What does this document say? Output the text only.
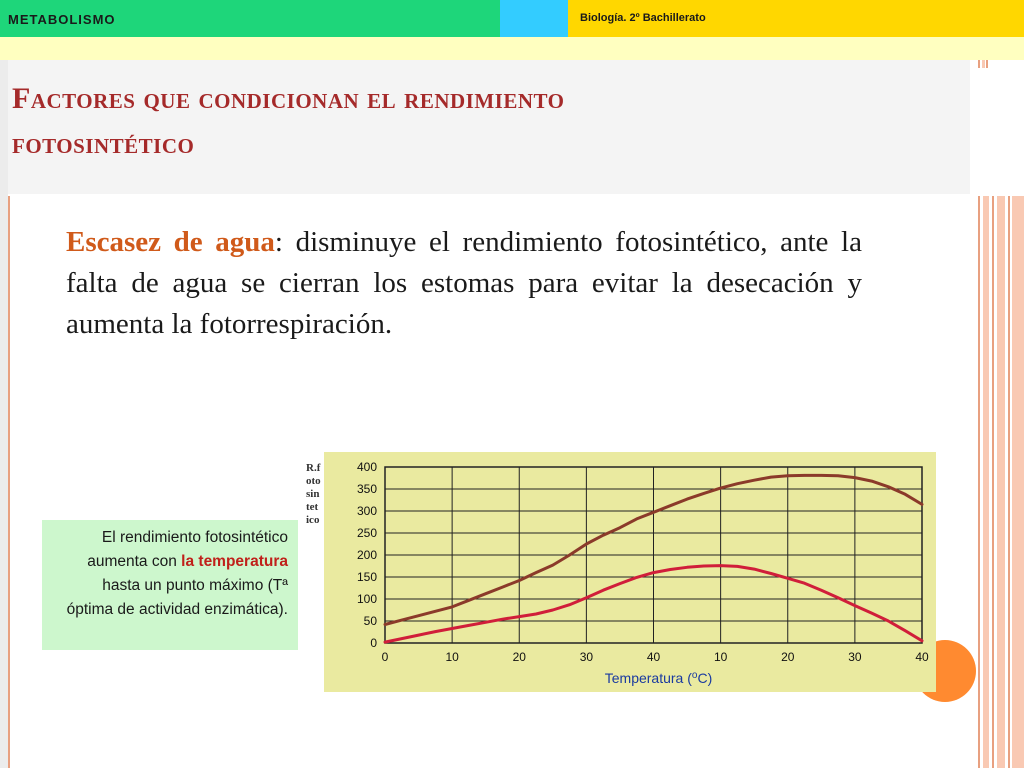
METABOLISMO	Biología. 2º Bachillerato
Factores que condicionan el rendimiento
fotosintético
Escasez de agua: disminuye el rendimiento fotosintético, ante la falta de agua se cierran los estomas para evitar la desecación y aumenta la fotorrespiración.
El rendimiento fotosintético aumenta con la temperatura hasta un punto máximo (Tª óptima de actividad enzimática).
R.f
oto
sin
tet
ico
0
50
100
150
200
250
300
350
400
0	10	20	30	40	10	20	30	40
Temperatura ($^o$C)
